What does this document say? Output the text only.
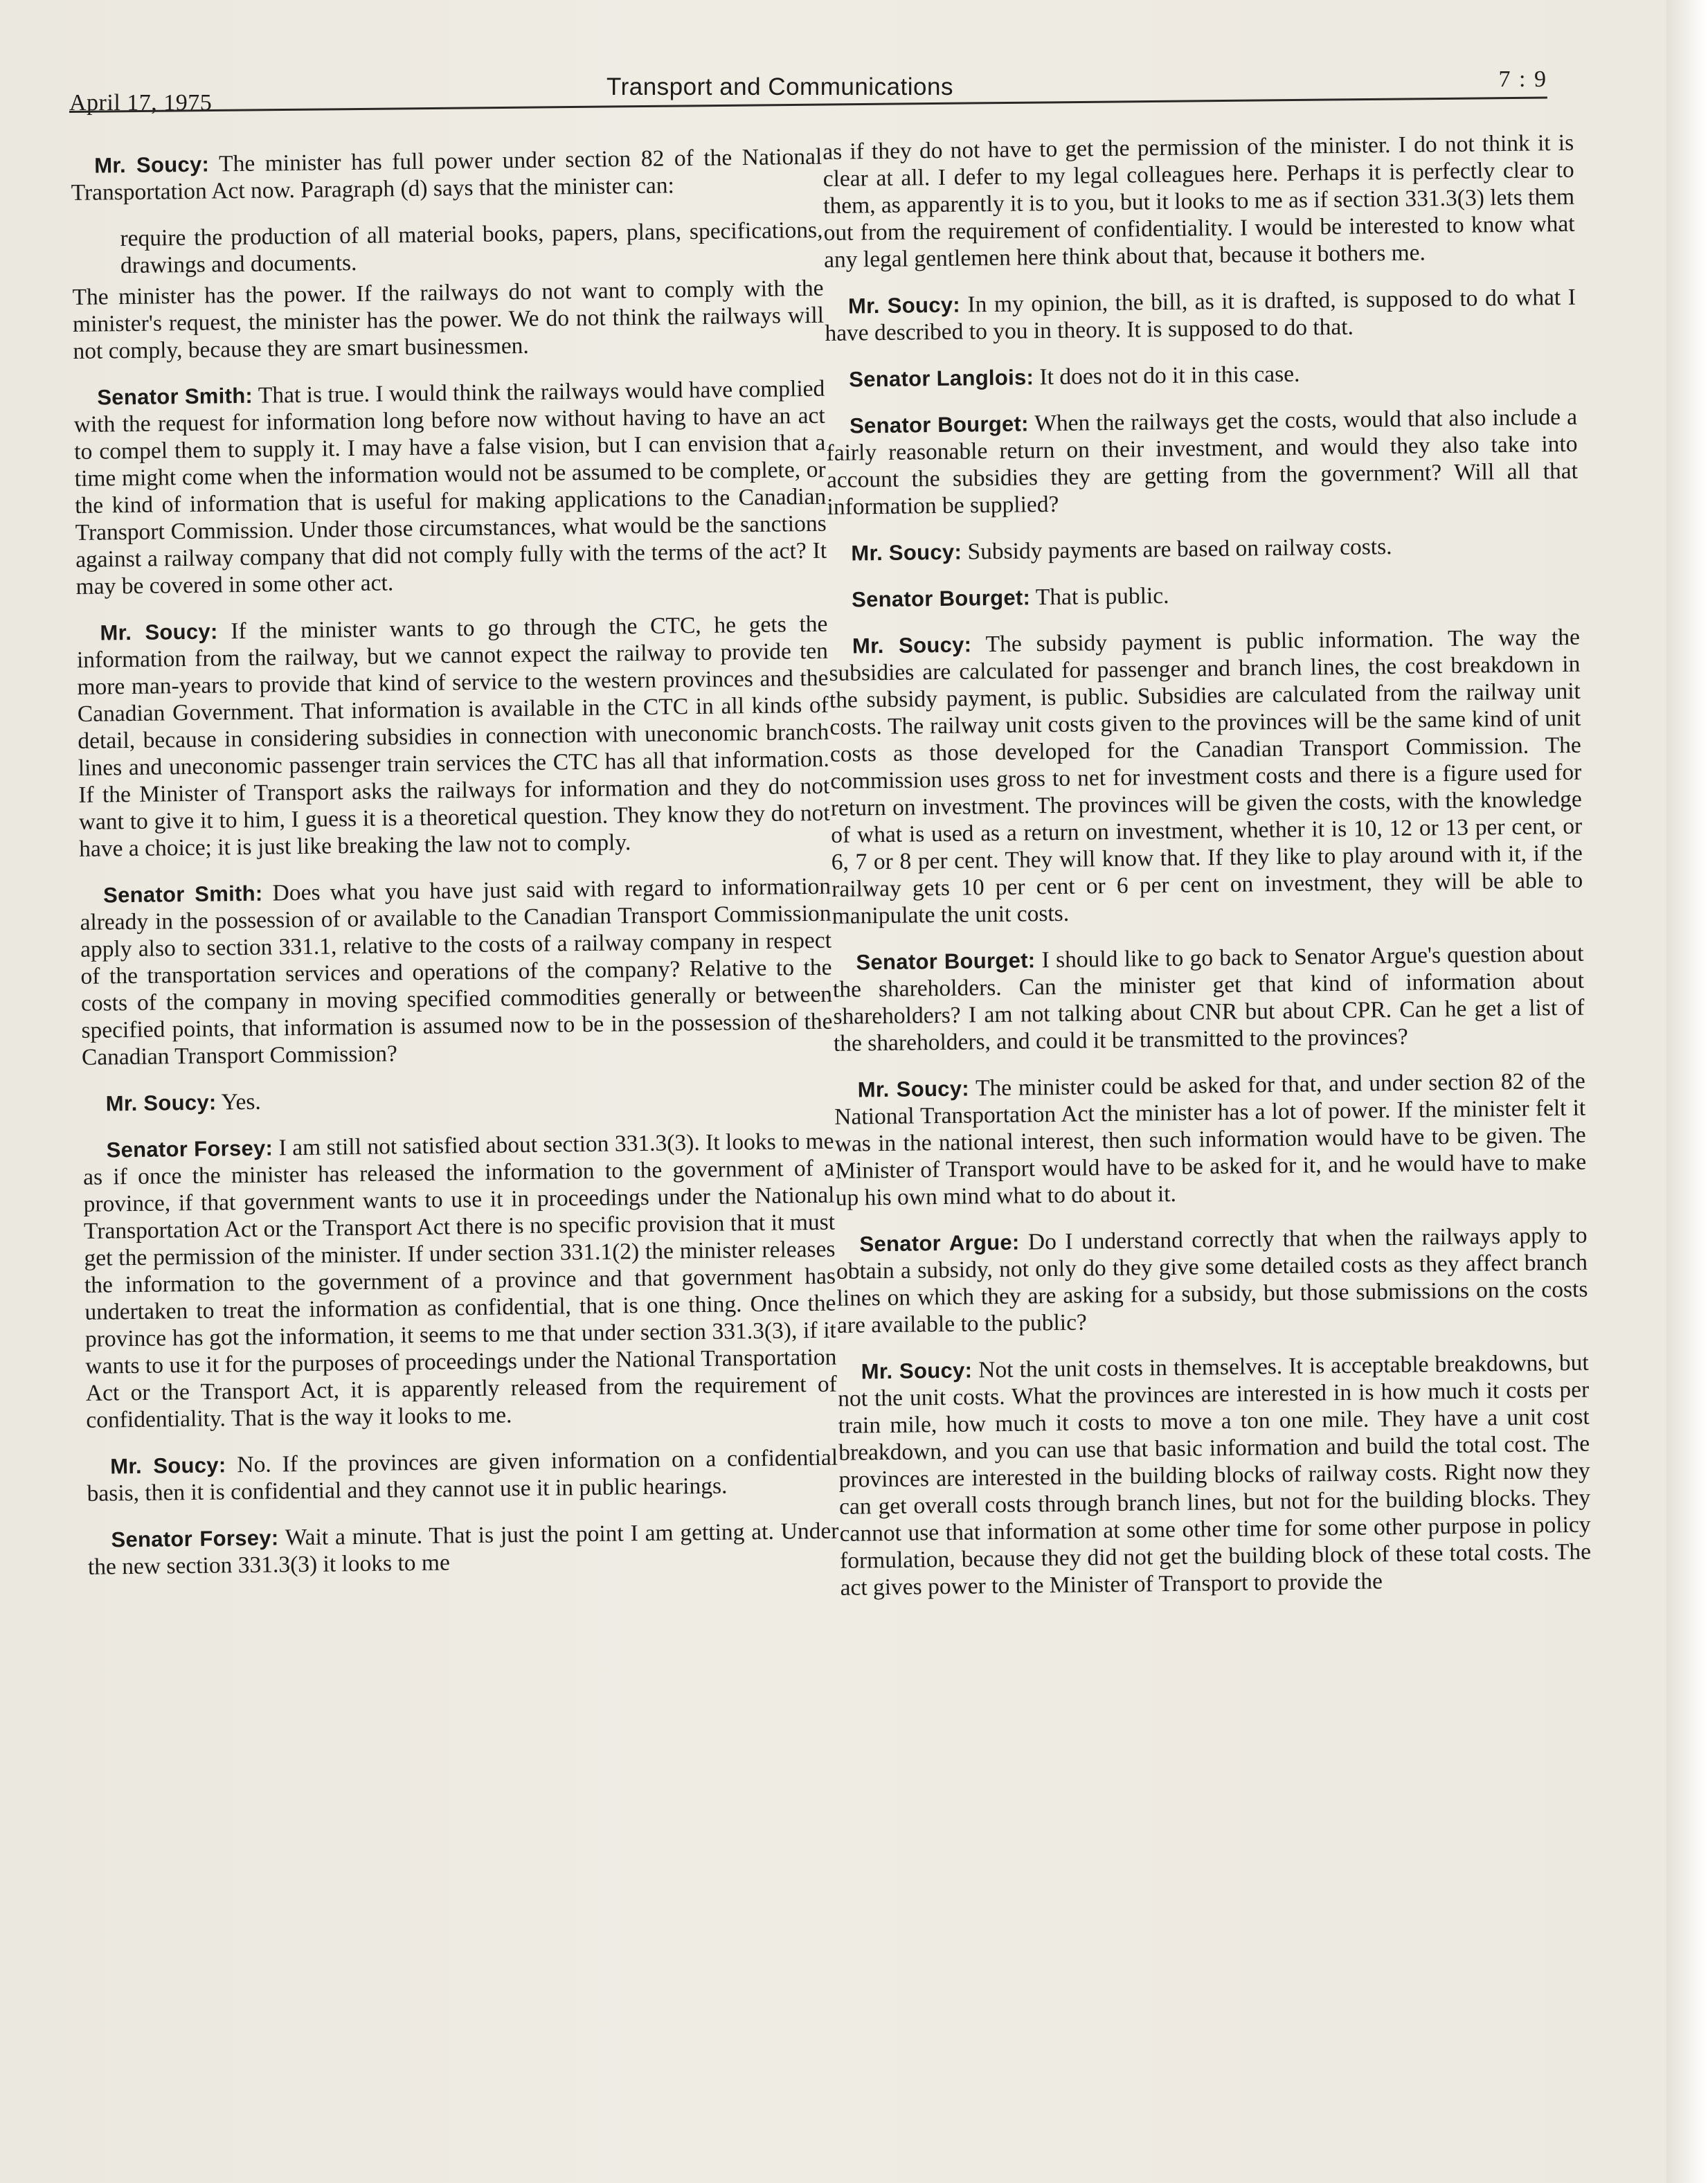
April 17, 1975
Transport and Communications	7 : 9

Mr. Soucy: The minister has full power under section 82 of the National Transportation Act now. Paragraph (d) says that the minister can:

require the production of all material books, papers, plans, specifications, drawings and documents.

The minister has the power. If the railways do not want to comply with the minister's request, the minister has the power. We do not think the railways will not comply, because they are smart businessmen.

Senator Smith: That is true. I would think the railways would have complied with the request for information long before now without having to have an act to compel them to supply it. I may have a false vision, but I can envision that a time might come when the information would not be assumed to be complete, or the kind of information that is useful for making applications to the Canadian Transport Commission. Under those circumstances, what would be the sanctions against a railway company that did not comply fully with the terms of the act? It may be covered in some other act.

Mr. Soucy: If the minister wants to go through the CTC, he gets the information from the railway, but we cannot expect the railway to provide ten more man-years to provide that kind of service to the western provinces and the Canadian Government. That information is available in the CTC in all kinds of detail, because in considering subsidies in connection with uneconomic branch lines and uneconomic passenger train services the CTC has all that information. If the Minister of Transport asks the railways for information and they do not want to give it to him, I guess it is a theoretical question. They know they do not have a choice; it is just like breaking the law not to comply.

Senator Smith: Does what you have just said with regard to information already in the possession of or available to the Canadian Transport Commission apply also to section 331.1, relative to the costs of a railway company in respect of the transportation services and operations of the company? Relative to the costs of the company in moving specified commodities generally or between specified points, that information is assumed now to be in the possession of the Canadian Transport Commission?

Mr. Soucy: Yes.

Senator Forsey: I am still not satisfied about section 331.3(3). It looks to me as if once the minister has released the information to the government of a province, if that government wants to use it in proceedings under the National Transportation Act or the Transport Act there is no specific provision that it must get the permission of the minister. If under section 331.1(2) the minister releases the information to the government of a province and that government has undertaken to treat the information as confidential, that is one thing. Once the province has got the information, it seems to me that under section 331.3(3), if it wants to use it for the purposes of proceedings under the National Transportation Act or the Transport Act, it is apparently released from the requirement of confidentiality. That is the way it looks to me.

Mr. Soucy: No. If the provinces are given information on a confidential basis, then it is confidential and they cannot use it in public hearings.

Senator Forsey: Wait a minute. That is just the point I am getting at. Under the new section 331.3(3) it looks to me

as if they do not have to get the permission of the minister. I do not think it is clear at all. I defer to my legal colleagues here. Perhaps it is perfectly clear to them, as apparently it is to you, but it looks to me as if section 331.3(3) lets them out from the requirement of confidentiality. I would be interested to know what any legal gentlemen here think about that, because it bothers me.

Mr. Soucy: In my opinion, the bill, as it is drafted, is supposed to do what I have described to you in theory. It is supposed to do that.

Senator Langlois: It does not do it in this case.

Senator Bourget: When the railways get the costs, would that also include a fairly reasonable return on their investment, and would they also take into account the subsidies they are getting from the government? Will all that information be supplied?

Mr. Soucy: Subsidy payments are based on railway costs.

Senator Bourget: That is public.

Mr. Soucy: The subsidy payment is public information. The way the subsidies are calculated for passenger and branch lines, the cost breakdown in the subsidy payment, is public. Subsidies are calculated from the railway unit costs. The railway unit costs given to the provinces will be the same kind of unit costs as those developed for the Canadian Transport Commission. The commission uses gross to net for investment costs and there is a figure used for return on investment. The provinces will be given the costs, with the knowledge of what is used as a return on investment, whether it is 10, 12 or 13 per cent, or 6, 7 or 8 per cent. They will know that. If they like to play around with it, if the railway gets 10 per cent or 6 per cent on investment, they will be able to manipulate the unit costs.

Senator Bourget: I should like to go back to Senator Argue's question about the shareholders. Can the minister get that kind of information about shareholders? I am not talking about CNR but about CPR. Can he get a list of the shareholders, and could it be transmitted to the provinces?

Mr. Soucy: The minister could be asked for that, and under section 82 of the National Transportation Act the minister has a lot of power. If the minister felt it was in the national interest, then such information would have to be given. The Minister of Transport would have to be asked for it, and he would have to make up his own mind what to do about it.

Senator Argue: Do I understand correctly that when the railways apply to obtain a subsidy, not only do they give some detailed costs as they affect branch lines on which they are asking for a subsidy, but those submissions on the costs are available to the public?

Mr. Soucy: Not the unit costs in themselves. It is acceptable breakdowns, but not the unit costs. What the provinces are interested in is how much it costs per train mile, how much it costs to move a ton one mile. They have a unit cost breakdown, and you can use that basic information and build the total cost. The provinces are interested in the building blocks of railway costs. Right now they can get overall costs through branch lines, but not for the building blocks. They cannot use that information at some other time for some other purpose in policy formulation, because they did not get the building block of these total costs. The act gives power to the Minister of Transport to provide the
